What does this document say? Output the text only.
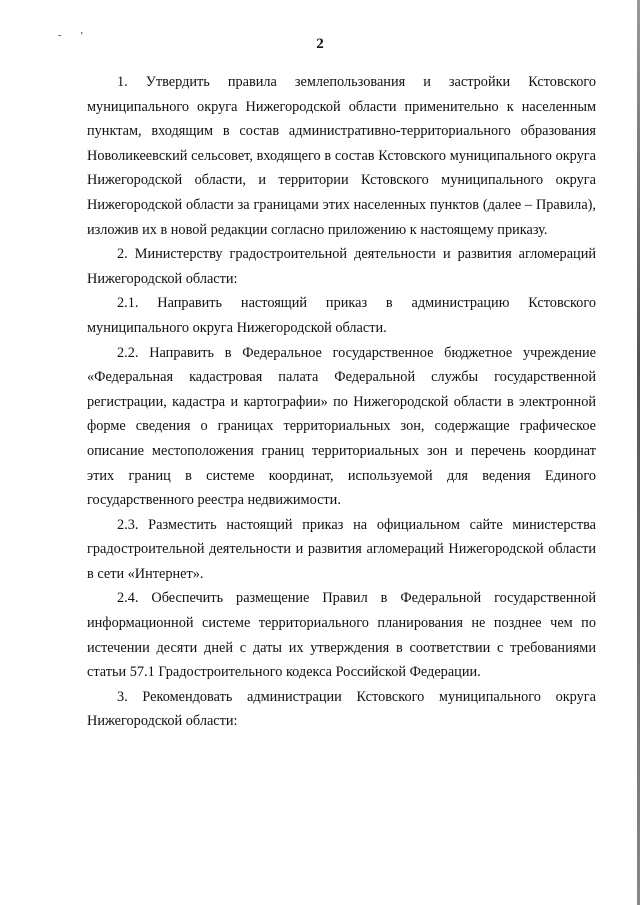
- ʼ	2

1. Утвердить правила землепользования и застройки Кстовского муниципального округа Нижегородской области применительно к населенным пунктам, входящим в состав административно-территориального образования Новоликеевский сельсовет, входящего в состав Кстовского муниципального округа Нижегородской области, и территории Кстовского муниципального округа Нижегородской области за границами этих населенных пунктов (далее – Правила), изложив их в новой редакции согласно приложению к настоящему приказу.

2. Министерству градостроительной деятельности и развития агломераций Нижегородской области:

2.1. Направить настоящий приказ в администрацию Кстовского муниципального округа Нижегородской области.

2.2. Направить в Федеральное государственное бюджетное учреждение «Федеральная кадастровая палата Федеральной службы государственной регистрации, кадастра и картографии» по Нижегородской области в электронной форме сведения о границах территориальных зон, содержащие графическое описание местоположения границ территориальных зон и перечень координат этих границ в системе координат, используемой для ведения Единого государственного реестра недвижимости.

2.3. Разместить настоящий приказ на официальном сайте министерства градостроительной деятельности и развития агломераций Нижегородской области в сети «Интернет».

2.4. Обеспечить размещение Правил в Федеральной государственной информационной системе территориального планирования не позднее чем по истечении десяти дней с даты их утверждения в соответствии с требованиями статьи 57.1 Градостроительного кодекса Российской Федерации.

3. Рекомендовать администрации Кстовского муниципального округа Нижегородской области:
